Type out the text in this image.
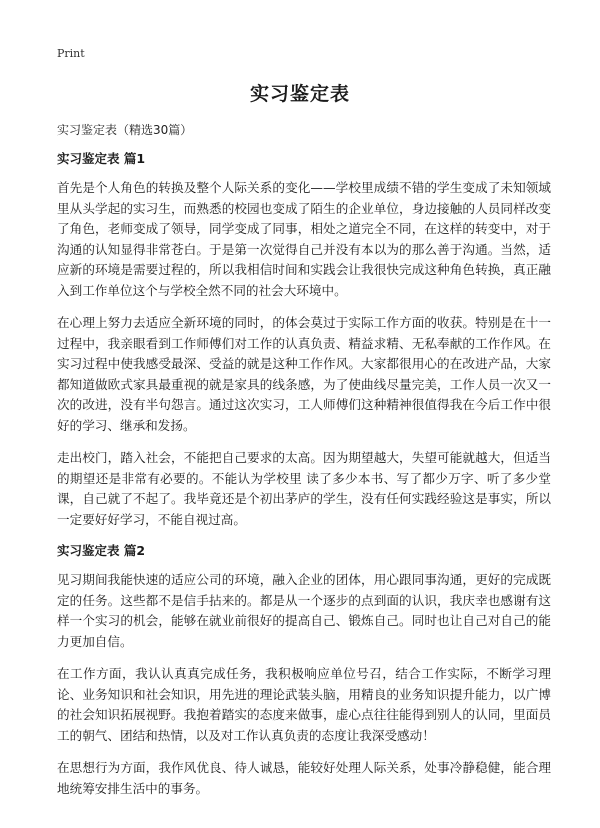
Print
实习鉴定表

实习鉴定表（精选30篇）

实习鉴定表 篇1

首先是个人角色的转换及整个人际关系的变化——学校里成绩不错的学生变成了未知领域里从头学起的实习生，而熟悉的校园也变成了陌生的企业单位，身边接触的人员同样改变了角色，老师变成了领导，同学变成了同事，相处之道完全不同，在这样的转变中，对于沟通的认知显得非常苍白。于是第一次觉得自己并没有本以为的那么善于沟通。当然，适应新的环境是需要过程的，所以我相信时间和实践会让我很快完成这种角色转换，真正融入到工作单位这个与学校全然不同的社会大环境中。

在心理上努力去适应全新环境的同时，的体会莫过于实际工作方面的收获。特别是在十一过程中，我亲眼看到工作师傅们对工作的认真负责、精益求精、无私奉献的工作作风。在实习过程中使我感受最深、受益的就是这种工作作风。大家都很用心的在改进产品，大家都知道做欧式家具最重视的就是家具的线条感，为了使曲线尽量完美，工作人员一次又一次的改进，没有半句怨言。通过这次实习，工人师傅们这种精神很值得我在今后工作中很好的学习、继承和发扬。

走出校门，踏入社会，不能把自己要求的太高。因为期望越大，失望可能就越大，但适当的期望还是非常有必要的。不能认为学校里 读了多少本书、写了都少万字、听了多少堂课，自己就了不起了。我毕竟还是个初出茅庐的学生，没有任何实践经验这是事实，所以一定要好好学习，不能自视过高。

实习鉴定表 篇2

见习期间我能快速的适应公司的环境，融入企业的团体，用心跟同事沟通，更好的完成既定的任务。这些都不是信手拈来的。都是从一个逐步的点到面的认识，我庆幸也感谢有这样一个实习的机会，能够在就业前很好的提高自己、锻炼自己。同时也让自己对自己的能力更加自信。

在工作方面，我认认真真完成任务，我积极响应单位号召，结合工作实际，不断学习理论、业务知识和社会知识，用先进的理论武装头脑，用精良的业务知识提升能力，以广博的社会知识拓展视野。我抱着踏实的态度来做事，虚心点往往能得到别人的认同，里面员工的朝气、团结和热情，以及对工作认真负责的态度让我深受感动！

在思想行为方面，我作风优良、待人诚恳，能较好处理人际关系，处事冷静稳健，能合理地统筹安排生活中的事务。
